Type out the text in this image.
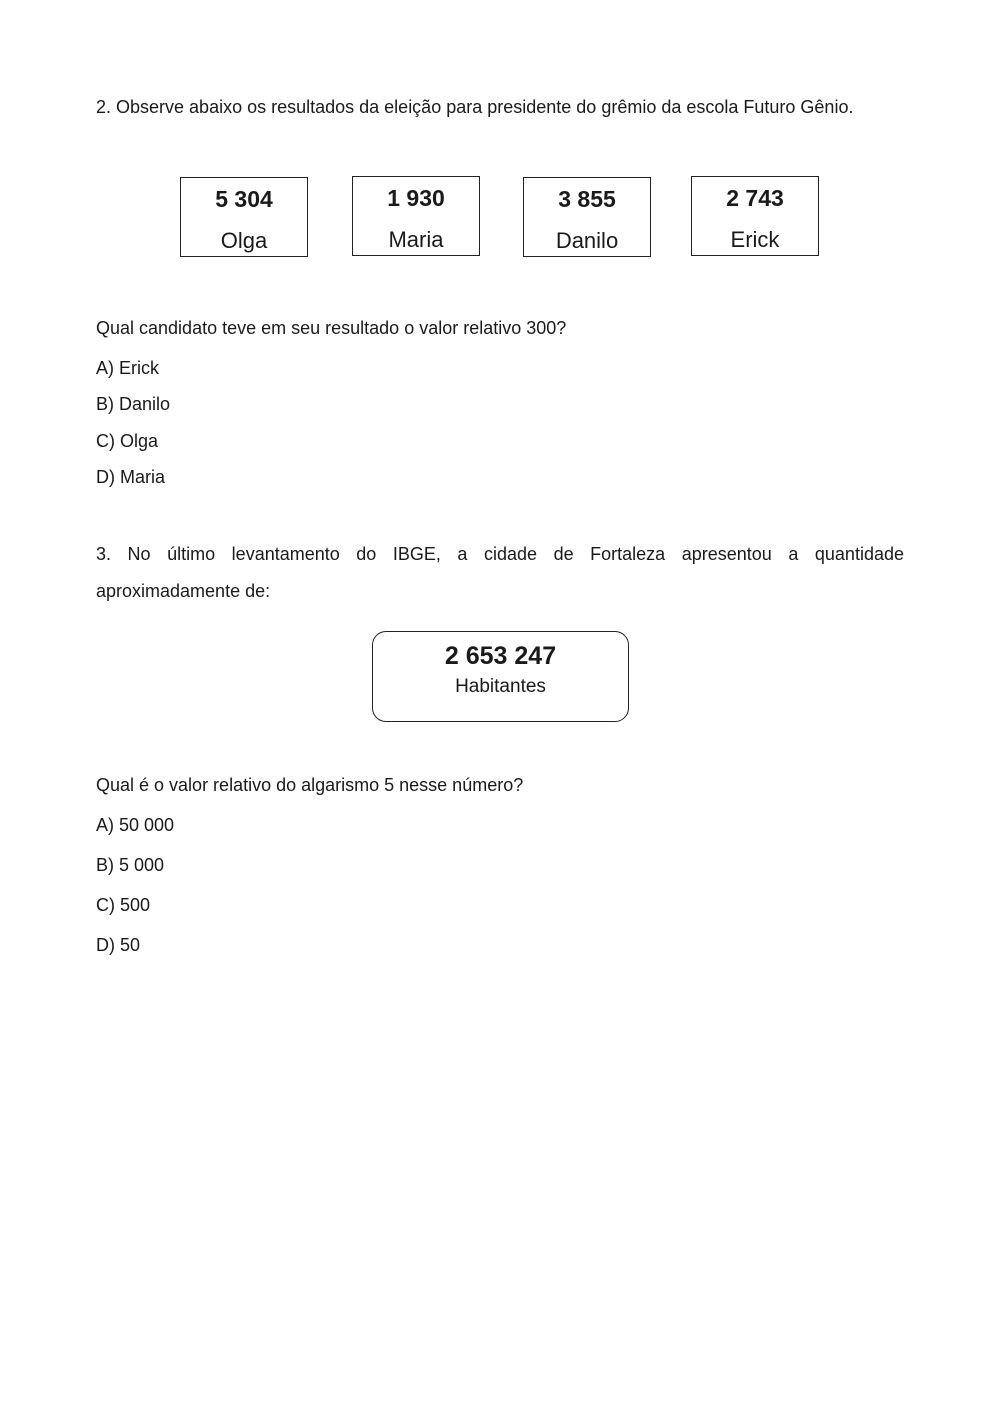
2. Observe abaixo os resultados da eleição para presidente do grêmio da escola Futuro Gênio.
5 304
Olga
1 930
Maria
3 855
Danilo
2 743
Erick
Qual candidato teve em seu resultado o valor relativo 300?
A) Erick
B) Danilo
C) Olga
D) Maria
3. No último levantamento do IBGE, a cidade de Fortaleza apresentou a quantidade aproximadamente de:
2 653 247
Habitantes
Qual é o valor relativo do algarismo 5 nesse número?
A) 50 000
B) 5 000
C) 500
D) 50
